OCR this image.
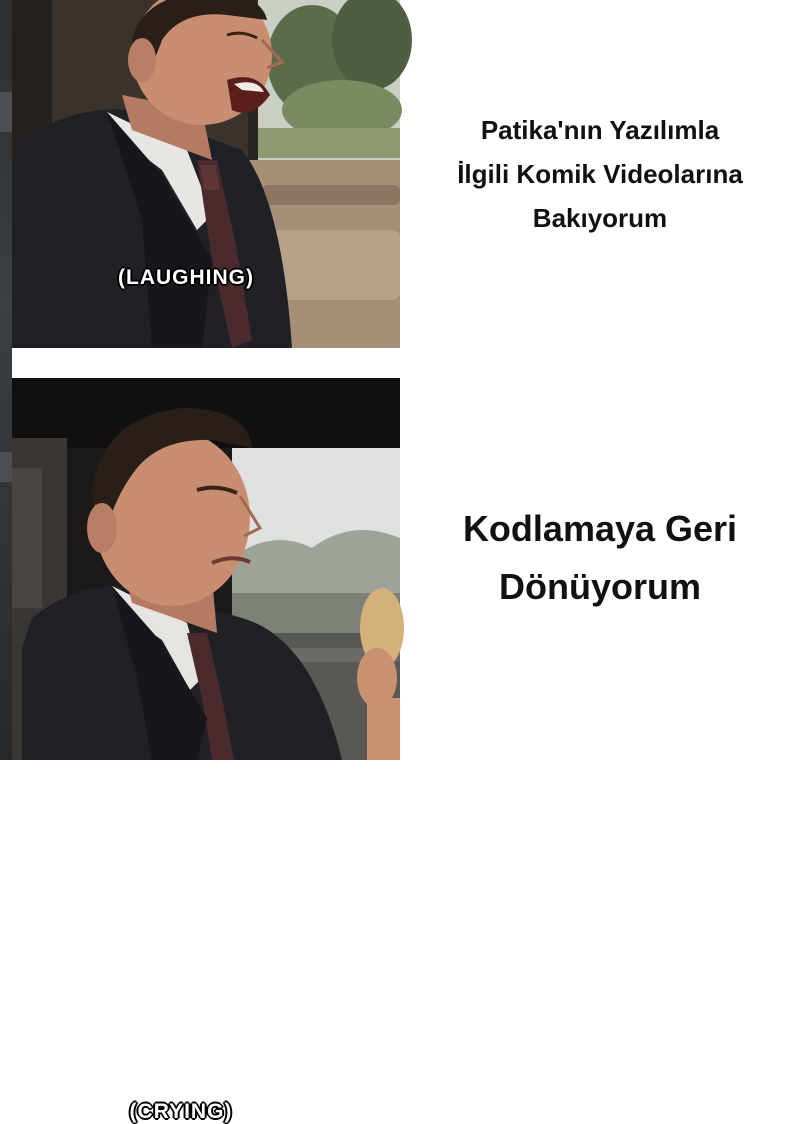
(LAUGHING)
(CRYING)
Patika'nın Yazılımla
İlgili Komik Videolarına
Bakıyorum
Kodlamaya Geri
Dönüyorum
